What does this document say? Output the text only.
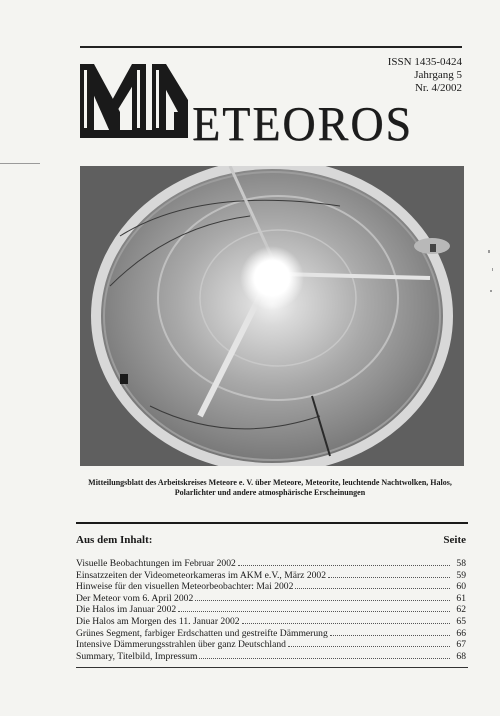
ETEOROS
ISSN 1435-0424
Jahrgang 5
Nr. 4/2002
Mitteilungsblatt des Arbeitskreises Meteore e. V. über Meteore, Meteorite, leuchtende Nachtwolken, Halos,
Polarlichter und andere atmosphärische Erscheinungen
Aus dem Inhalt:	Seite
Visuelle Beobachtungen im Februar 2002	58
Einsatzzeiten der Videometeorkameras im AKM e.V., März 2002	59
Hinweise für den visuellen Meteorbeobachter: Mai 2002	60
Der Meteor vom 6. April 2002	61
Die Halos im Januar 2002	62
Die Halos am Morgen des 11. Januar 2002	65
Grünes Segment, farbiger Erdschatten und gestreifte Dämmerung	66
Intensive Dämmerungsstrahlen über ganz Deutschland	67
Summary, Titelbild, Impressum	68
